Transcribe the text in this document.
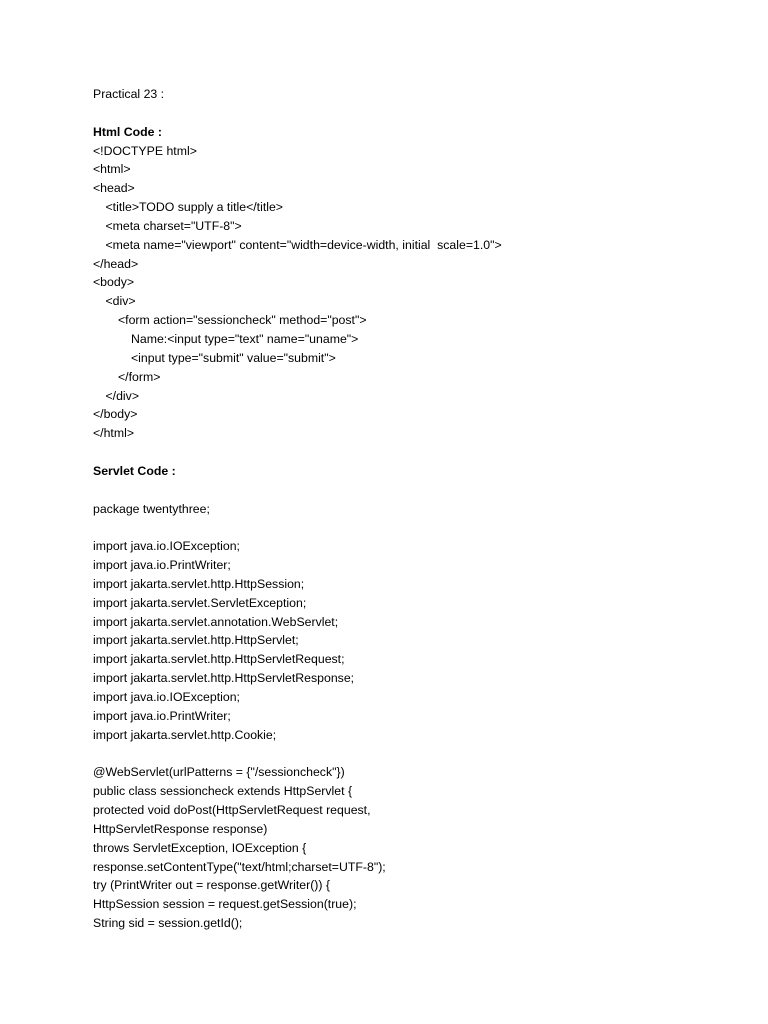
Practical 23 :
Html Code :
<!DOCTYPE html>
<html>
<head>
<title>TODO supply a title</title>
<meta charset="UTF-8">
<meta name="viewport" content="width=device-width, initial  scale=1.0">
</head>
<body>
<div>
<form action="sessioncheck" method="post">
Name:<input type="text" name="uname">
<input type="submit" value="submit">
</form>
</div>
</body>
</html>
Servlet Code :
package twentythree;
import java.io.IOException;
import java.io.PrintWriter;
import jakarta.servlet.http.HttpSession;
import jakarta.servlet.ServletException;
import jakarta.servlet.annotation.WebServlet;
import jakarta.servlet.http.HttpServlet;
import jakarta.servlet.http.HttpServletRequest;
import jakarta.servlet.http.HttpServletResponse;
import java.io.IOException;
import java.io.PrintWriter;
import jakarta.servlet.http.Cookie;
@WebServlet(urlPatterns = {"/sessioncheck"})
public class sessioncheck extends HttpServlet {
protected void doPost(HttpServletRequest request,
HttpServletResponse response)
throws ServletException, IOException {
response.setContentType("text/html;charset=UTF-8");
try (PrintWriter out = response.getWriter()) {
HttpSession session = request.getSession(true);
String sid = session.getId();
